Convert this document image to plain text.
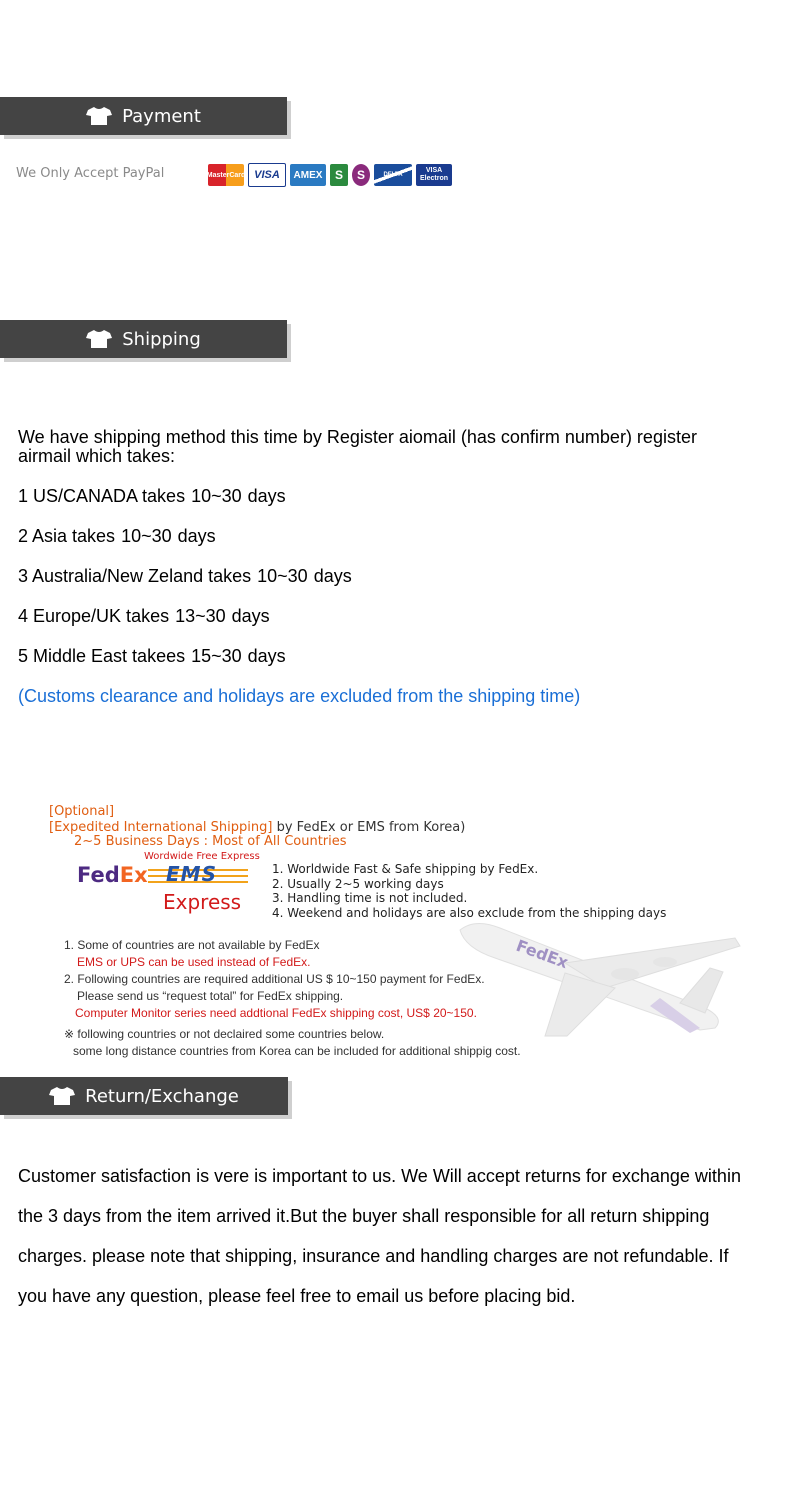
Payment
We Only Accept PayPal	MasterCard VISA	AMEX	S	S	DELTA
VISA Electron
Shipping
We have shipping method this time by Register aiomail (has confirm number) register airmail which takes:
1 US/CANADA takes 10~30 days
2 Asia takes 10~30 days
3 Australia/New Zeland takes 10~30 days
4 Europe/UK takes 13~30 days
5 Middle East takees 15~30 days
(Customs clearance and holidays are excluded from the shipping time)
[Optional]
[Expedited International Shipping] by FedEx or EMS from Korea)
2~5 Business Days : Most of All Countries
FedEx
Wordwide Free Express
EMS
Express
1. Worldwide Fast & Safe shipping by FedEx.
2. Usually 2~5 working days
3. Handling time is not included.
4. Weekend and holidays are also exclude from the shipping days
FedEx
1. Some of countries are not available by FedEx
EMS or UPS can be used instead of FedEx.
2. Following countries are required additional US $ 10~150 payment for FedEx.
Please send us “request total” for FedEx shipping.
Computer Monitor series need addtional FedEx shipping cost, US$ 20~150.
※ following countries or not declaired some countries below.
some long distance countries from Korea can be included for additional shippig cost.
Return/Exchange
Customer satisfaction is vere is important to us. We Will accept returns for exchange within the 3 days from the item arrived it.But the buyer shall responsible for all return shipping charges. please note that shipping, insurance and handling charges are not refundable. If you have any question, please feel free to email us before placing bid.
